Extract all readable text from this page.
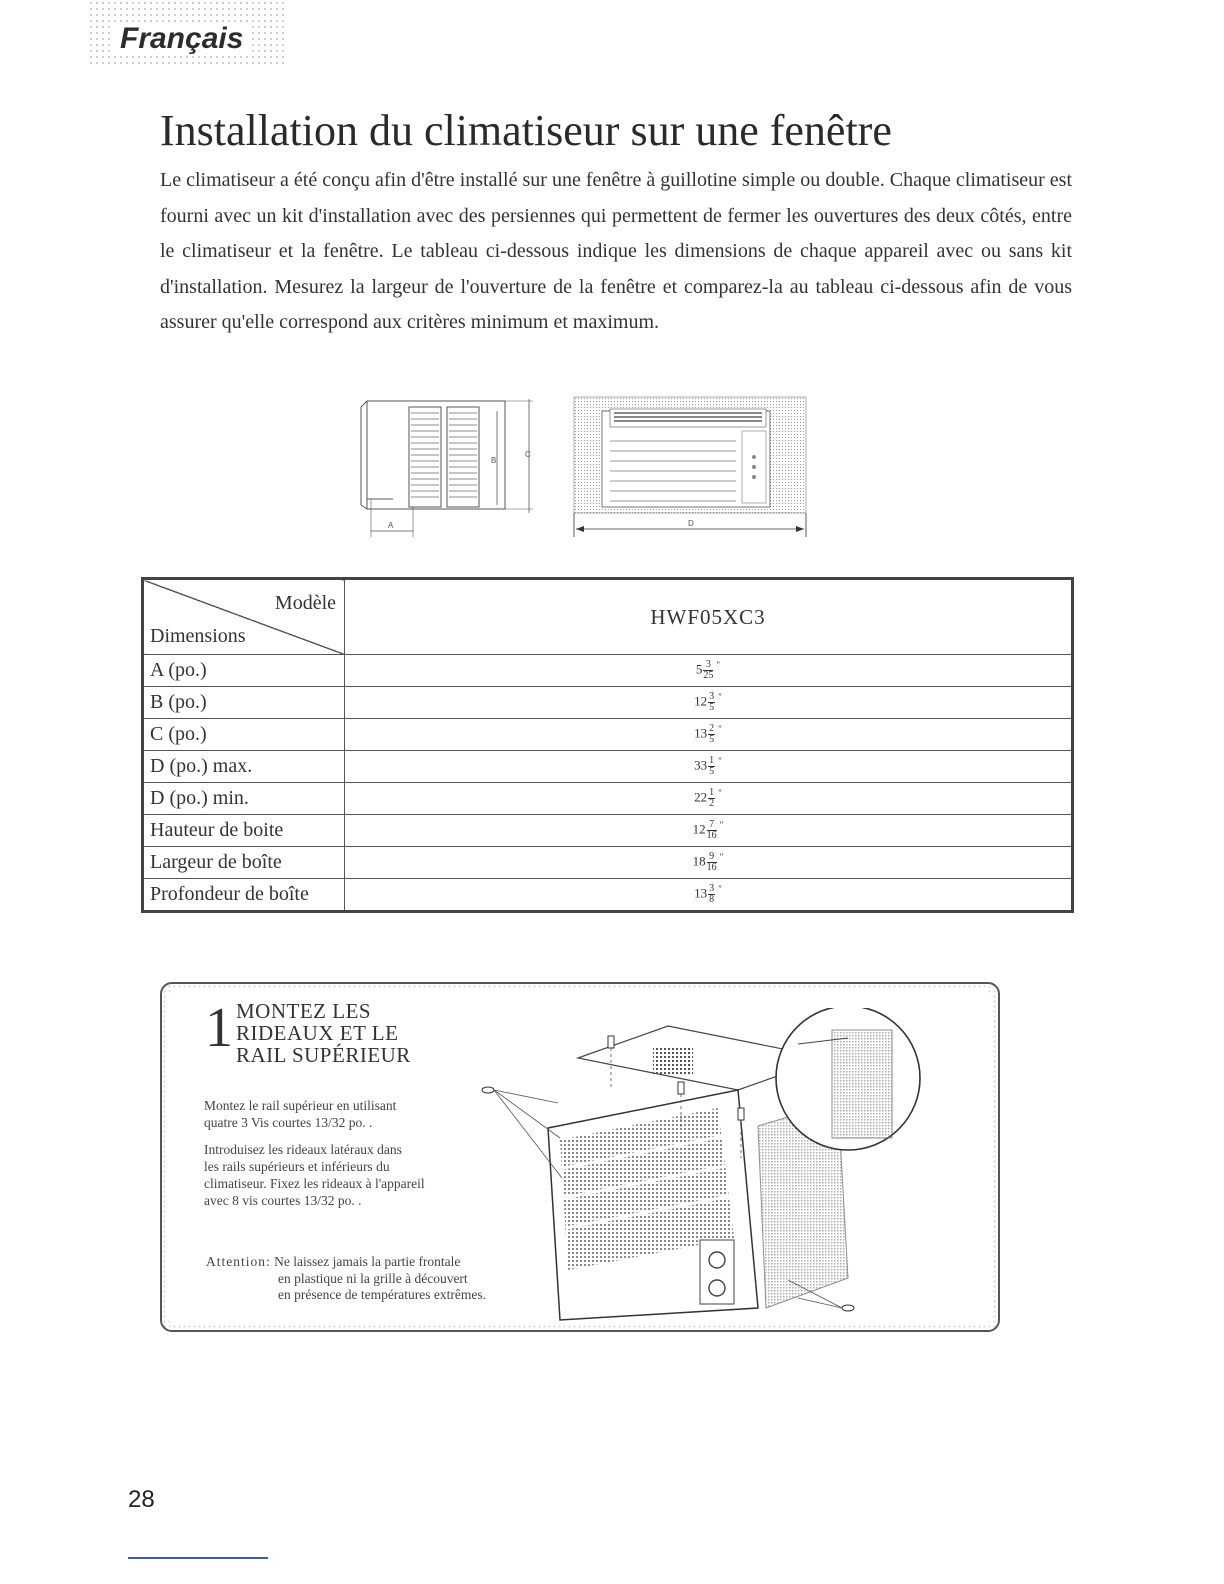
Français
Installation du climatiseur sur une fenêtre

Le climatiseur a été conçu afin d'être installé sur une fenêtre à guillotine simple ou double. Chaque climatiseur est fourni avec un kit d'installation avec des persiennes qui permettent de fermer les ouvertures des deux côtés, entre le climatiseur et la fenêtre. Le tableau ci-dessous indique les dimensions de chaque appareil avec ou sans kit d'installation. Mesurez la largeur de l'ouverture de la fenêtre et comparez-la au tableau ci-dessous afin de vous assurer qu'elle correspond aux critères minimum et maximum.

B
C
A	D
Modèle
Dimensions	HWF05XC3
A (po.)	$5 \frac{3}{25} ^"$
B (po.)	$12 \frac{3}{5} ^"$
C (po.)	$13 \frac{2}{5} ^"$
D (po.) max.	$33 \frac{1}{5} ^"$
D (po.) min.	$22 \frac{1}{2} ^"$
Hauteur de boite	$12 \frac{7}{16} ^"$
Largeur de boîte	$18 \frac{9}{16} ^"$
Profondeur de boîte	$13 \frac{3}{8} ^"$
1 MONTEZ LES
RIDEAUX ET LE
RAIL SUPÉRIEUR

Montez le rail supérieur en utilisant
quatre 3 Vis courtes 13/32 po. .

Introduisez les rideaux latéraux dans
les rails supérieurs et inférieurs du
climatiseur. Fixez les rideaux à l'appareil
avec 8 vis courtes 13/32 po. .

Attention: Ne laissez jamais la partie frontale
en plastique ni la grille à découvert
en présence de températures extrêmes.
28
